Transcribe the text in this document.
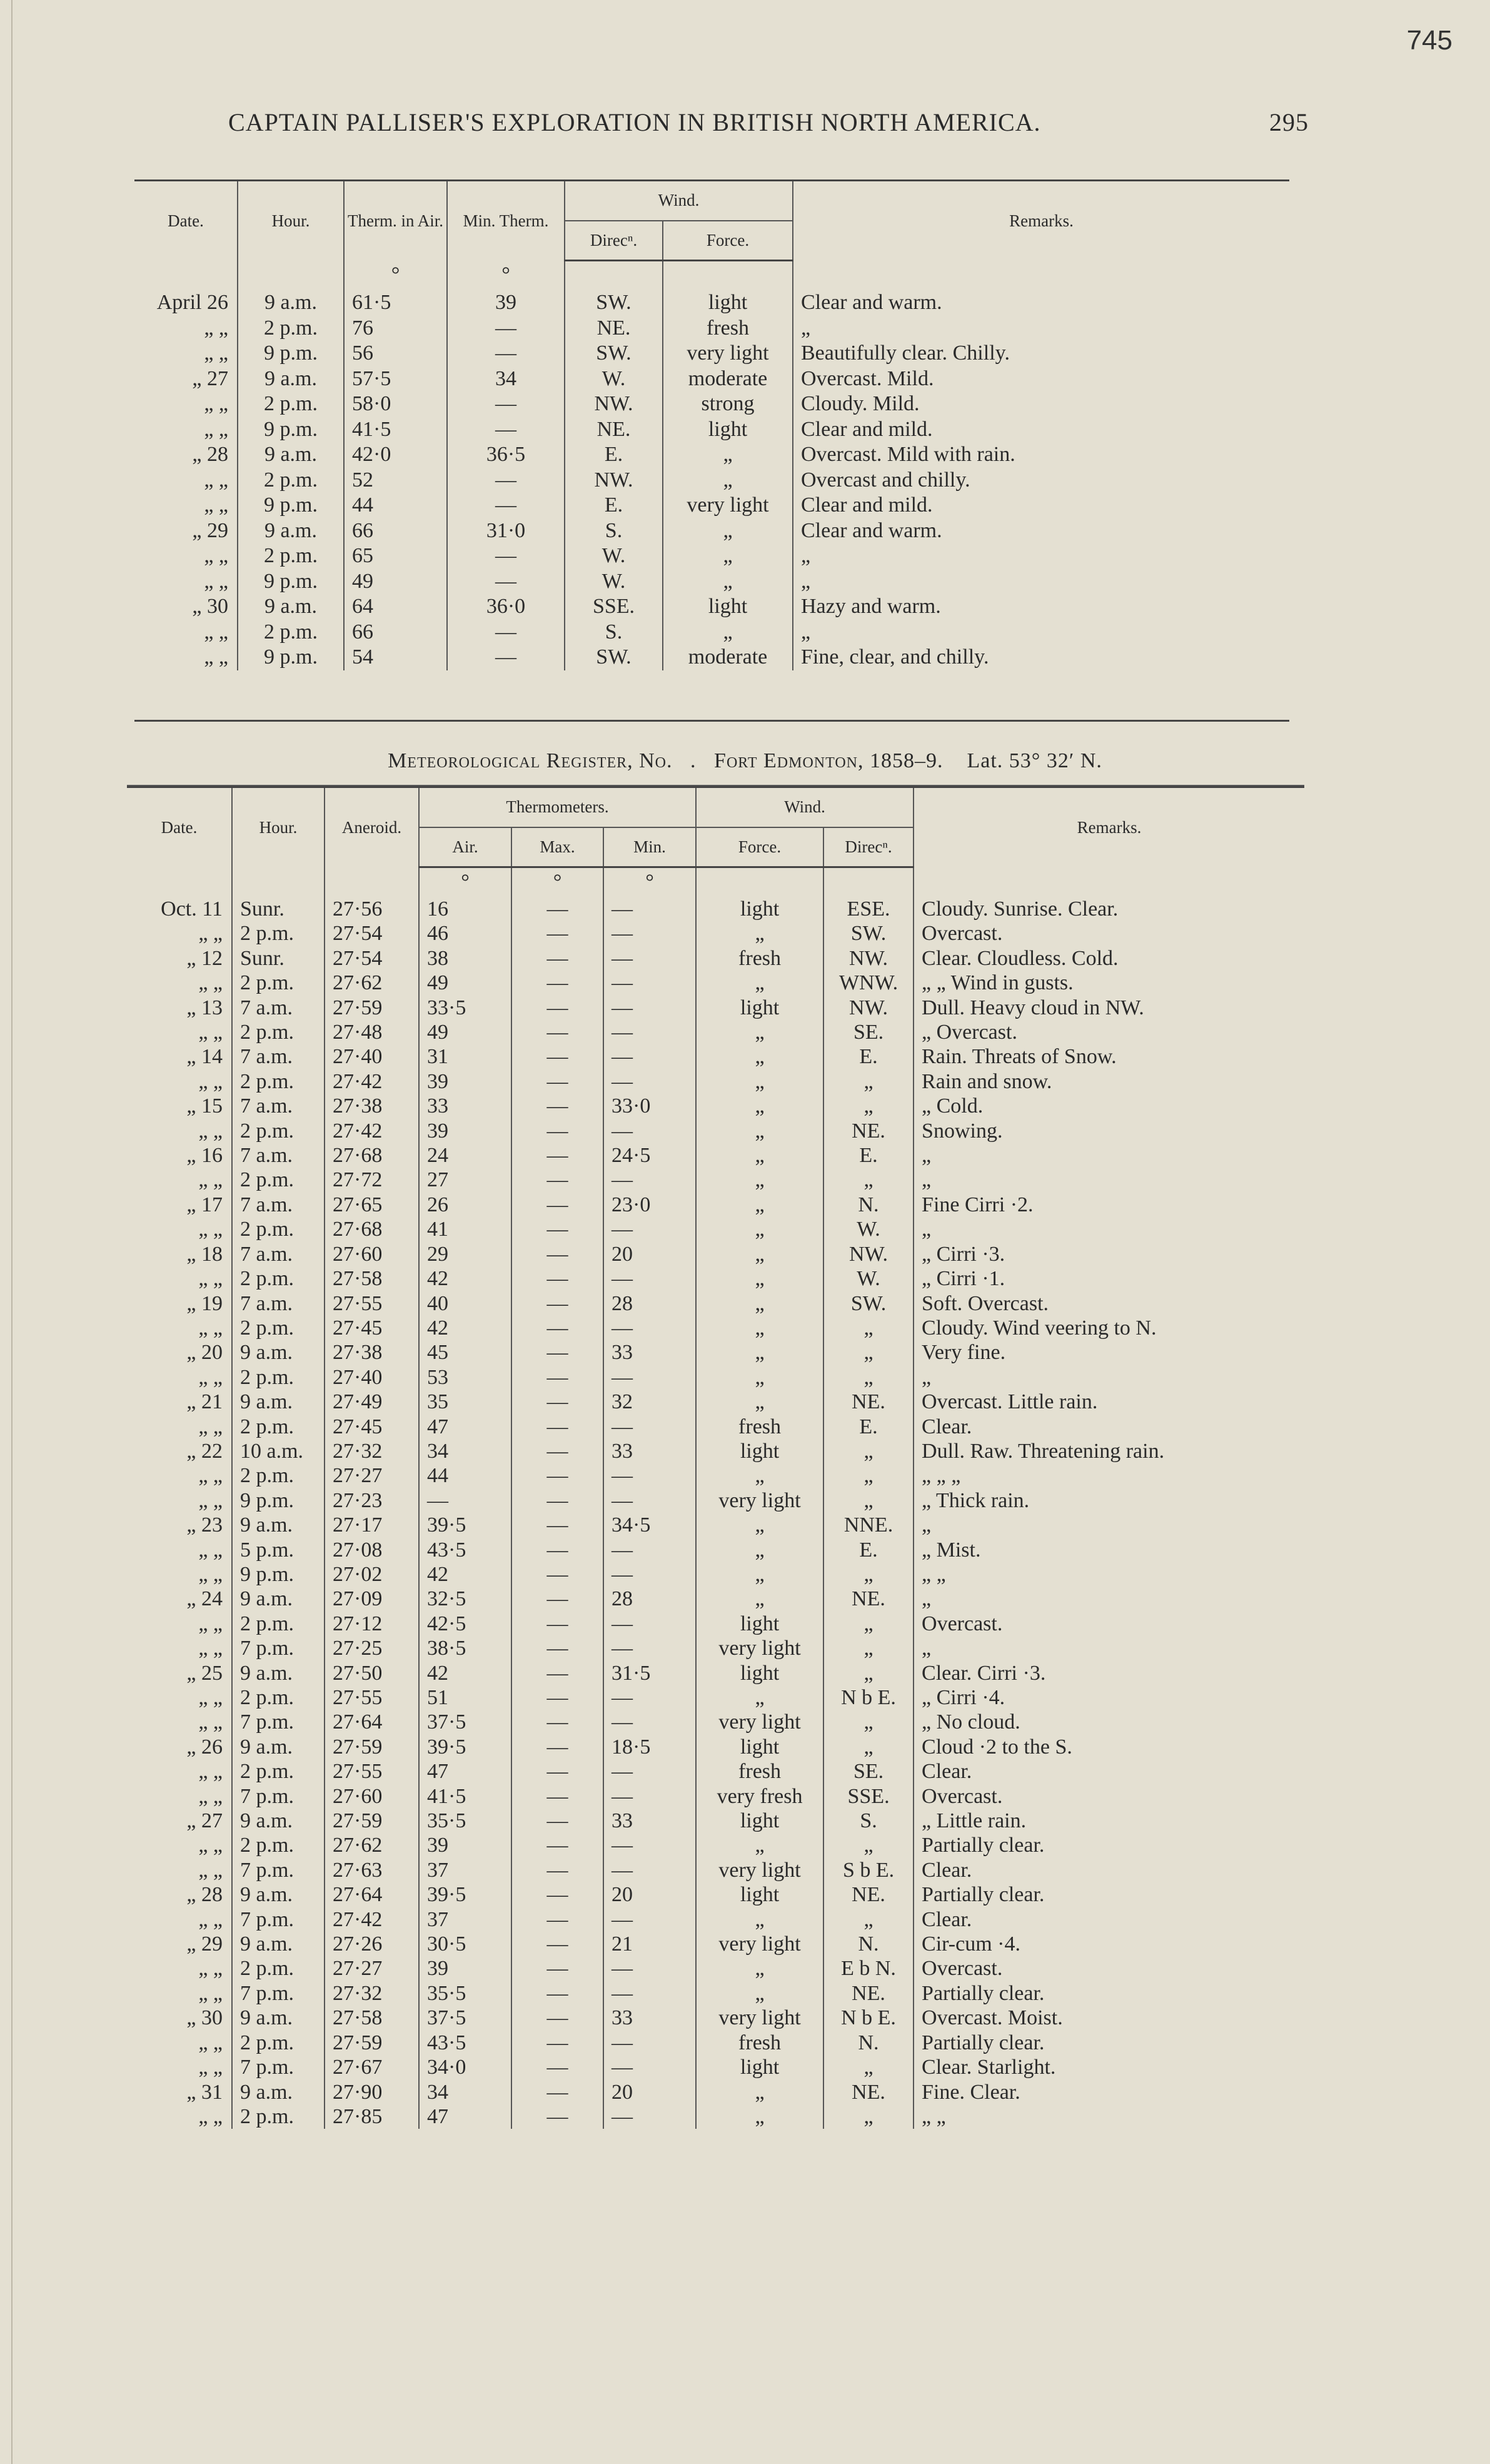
745
CAPTAIN PALLISER'S EXPLORATION IN BRITISH NORTH AMERICA.	295
Date.	Hour.	Therm. in Air.	Min. Therm.	Wind.		Remarks.
				Direcⁿ.	Force.	
		°	°			
April 26	9 a.m.	61·5	39	SW.	light	Clear and warm.
„ „	2 p.m.	76	—	NE.	fresh	„
„ „	9 p.m.	56	—	SW.	very light	Beautifully clear. Chilly.
„ 27	9 a.m.	57·5	34	W.	moderate	Overcast. Mild.
„ „	2 p.m.	58·0	—	NW.	strong	Cloudy. Mild.
„ „	9 p.m.	41·5	—	NE.	light	Clear and mild.
„ 28	9 a.m.	42·0	36·5	E.	„	Overcast. Mild with rain.
„ „	2 p.m.	52	—	NW.	„	Overcast and chilly.
„ „	9 p.m.	44	—	E.	very light	Clear and mild.
„ 29	9 a.m.	66	31·0	S.	„	Clear and warm.
„ „	2 p.m.	65	—	W.	„	„
„ „	9 p.m.	49	—	W.	„	„
„ 30	9 a.m.	64	36·0	SSE.	light	Hazy and warm.
„ „	2 p.m.	66	—	S.	„	„
„ „	9 p.m.	54	—	SW.	moderate	Fine, clear, and chilly.
Meteorological Register, No.   .   Fort Edmonton, 1858–9. Lat. 53° 32′ N.
Date.	Hour.	Aneroid.	Thermometers.			Wind.		Remarks.
			Air.	Max.	Min.	Force.	Direcⁿ.	
			°	°	°			
Oct. 11	Sunr.	27·56	16	—	—	light	ESE.	Cloudy. Sunrise. Clear.
„ „	2 p.m.	27·54	46	—	—	„	SW.	Overcast.
„ 12	Sunr.	27·54	38	—	—	fresh	NW.	Clear. Cloudless. Cold.
„ „	2 p.m.	27·62	49	—	—	„	WNW.	„ „ Wind in gusts.
„ 13	7 a.m.	27·59	33·5	—	—	light	NW.	Dull. Heavy cloud in NW.
„ „	2 p.m.	27·48	49	—	—	„	SE.	„ Overcast.
„ 14	7 a.m.	27·40	31	—	—	„	E.	Rain. Threats of Snow.
„ „	2 p.m.	27·42	39	—	—	„	„	Rain and snow.
„ 15	7 a.m.	27·38	33	—	33·0	„	„	„ Cold.
„ „	2 p.m.	27·42	39	—	—	„	NE.	Snowing.
„ 16	7 a.m.	27·68	24	—	24·5	„	E.	„
„ „	2 p.m.	27·72	27	—	—	„	„	„
„ 17	7 a.m.	27·65	26	—	23·0	„	N.	Fine Cirri ·2.
„ „	2 p.m.	27·68	41	—	—	„	W.	„
„ 18	7 a.m.	27·60	29	—	20	„	NW.	„ Cirri ·3.
„ „	2 p.m.	27·58	42	—	—	„	W.	„ Cirri ·1.
„ 19	7 a.m.	27·55	40	—	28	„	SW.	Soft. Overcast.
„ „	2 p.m.	27·45	42	—	—	„	„	Cloudy. Wind veering to N.
„ 20	9 a.m.	27·38	45	—	33	„	„	Very fine.
„ „	2 p.m.	27·40	53	—	—	„	„	„
„ 21	9 a.m.	27·49	35	—	32	„	NE.	Overcast. Little rain.
„ „	2 p.m.	27·45	47	—	—	fresh	E.	Clear.
„ 22	10 a.m.	27·32	34	—	33	light	„	Dull. Raw. Threatening rain.
„ „	2 p.m.	27·27	44	—	—	„	„	„ „ „
„ „	9 p.m.	27·23	—	—	—	very light	„	„ Thick rain.
„ 23	9 a.m.	27·17	39·5	—	34·5	„	NNE.	„
„ „	5 p.m.	27·08	43·5	—	—	„	E.	„ Mist.
„ „	9 p.m.	27·02	42	—	—	„	„	„ „
„ 24	9 a.m.	27·09	32·5	—	28	„	NE.	„
„ „	2 p.m.	27·12	42·5	—	—	light	„	Overcast.
„ „	7 p.m.	27·25	38·5	—	—	very light	„	„
„ 25	9 a.m.	27·50	42	—	31·5	light	„	Clear. Cirri ·3.
„ „	2 p.m.	27·55	51	—	—	„	N b E.	„ Cirri ·4.
„ „	7 p.m.	27·64	37·5	—	—	very light	„	„ No cloud.
„ 26	9 a.m.	27·59	39·5	—	18·5	light	„	Cloud ·2 to the S.
„ „	2 p.m.	27·55	47	—	—	fresh	SE.	Clear.
„ „	7 p.m.	27·60	41·5	—	—	very fresh	SSE.	Overcast.
„ 27	9 a.m.	27·59	35·5	—	33	light	S.	„ Little rain.
„ „	2 p.m.	27·62	39	—	—	„	„	Partially clear.
„ „	7 p.m.	27·63	37	—	—	very light	S b E.	Clear.
„ 28	9 a.m.	27·64	39·5	—	20	light	NE.	Partially clear.
„ „	7 p.m.	27·42	37	—	—	„	„	Clear.
„ 29	9 a.m.	27·26	30·5	—	21	very light	N.	Cir-cum ·4.
„ „	2 p.m.	27·27	39	—	—	„	E b N.	Overcast.
„ „	7 p.m.	27·32	35·5	—	—	„	NE.	Partially clear.
„ 30	9 a.m.	27·58	37·5	—	33	very light	N b E.	Overcast. Moist.
„ „	2 p.m.	27·59	43·5	—	—	fresh	N.	Partially clear.
„ „	7 p.m.	27·67	34·0	—	—	light	„	Clear. Starlight.
„ 31	9 a.m.	27·90	34	—	20	„	NE.	Fine. Clear.
„ „	2 p.m.	27·85	47	—	—	„	„	„ „
